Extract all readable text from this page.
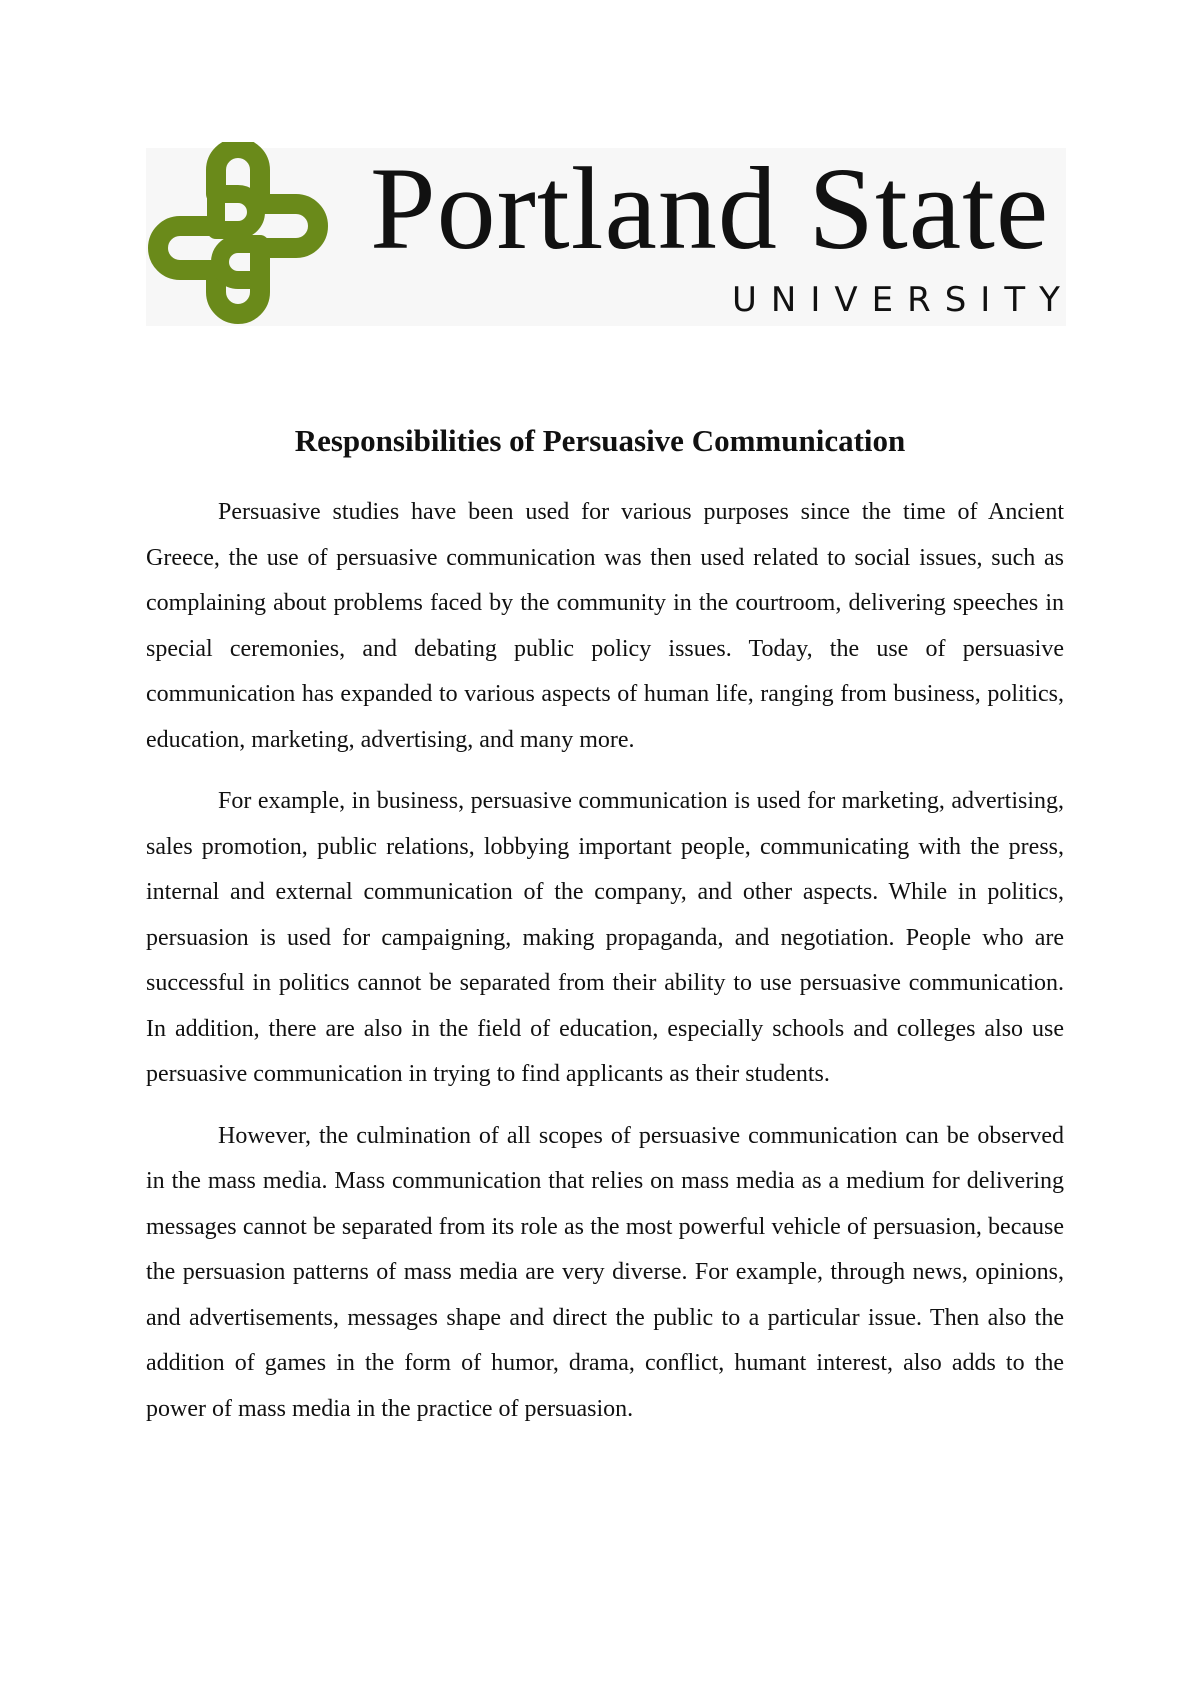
Portland State
UNIVERSITY
Responsibilities of Persuasive Communication

Persuasive studies have been used for various purposes since the time of Ancient Greece, the use of persuasive communication was then used related to social issues, such as complaining about problems faced by the community in the courtroom, delivering speeches in special ceremonies, and debating public policy issues. Today, the use of persuasive communication has expanded to various aspects of human life, ranging from business, politics, education, marketing, advertising, and many more.

For example, in business, persuasive communication is used for marketing, advertising, sales promotion, public relations, lobbying important people, communicating with the press, internal and external communication of the company, and other aspects. While in politics, persuasion is used for campaigning, making propaganda, and negotiation. People who are successful in politics cannot be separated from their ability to use persuasive communication. In addition, there are also in the field of education, especially schools and colleges also use persuasive communication in trying to find applicants as their students.

However, the culmination of all scopes of persuasive communication can be observed in the mass media. Mass communication that relies on mass media as a medium for delivering messages cannot be separated from its role as the most powerful vehicle of persuasion, because the persuasion patterns of mass media are very diverse. For example, through news, opinions, and advertisements, messages shape and direct the public to a particular issue. Then also the addition of games in the form of humor, drama, conflict, humant interest, also adds to the power of mass media in the practice of persuasion.
